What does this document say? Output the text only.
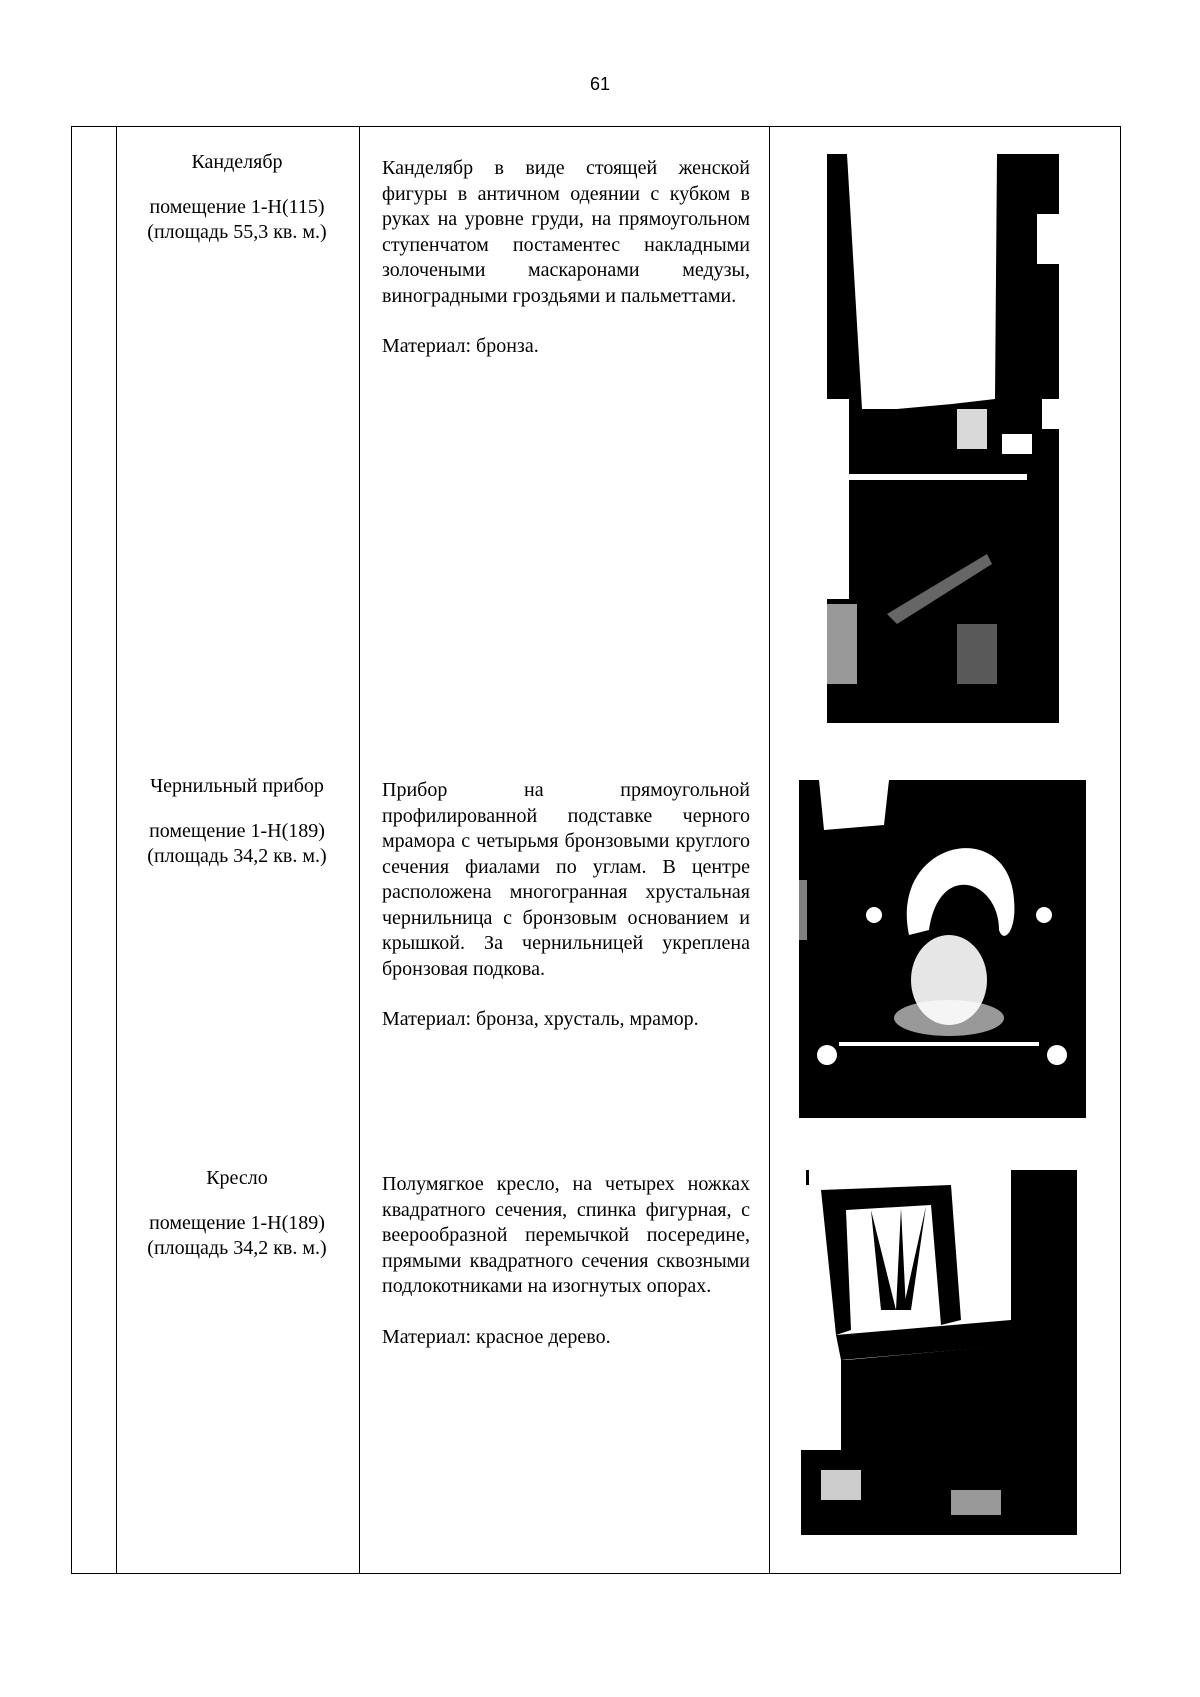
61
Канделябр
помещение 1-Н(115)
(площадь 55,3 кв. м.)
Канделябр в виде стоящей женской фигуры в античном одеянии с кубком в руках на уровне груди, на прямоугольном ступенчатом постаментес накладными золочеными маскаронами медузы, виноградными гроздьями и пальметтами.
Материал: бронза.
Чернильный прибор
помещение 1-Н(189)
(площадь 34,2 кв. м.)
Прибор на прямоугольной профилированной подставке черного мрамора с четырьмя бронзовыми круглого сечения фиалами по углам. В центре расположена многогранная хрустальная чернильница с бронзовым основанием и крышкой. За чернильницей укреплена бронзовая подкова.
Материал: бронза, хрусталь, мрамор.
Кресло
помещение 1-Н(189)
(площадь 34,2 кв. м.)
Полумягкое кресло, на четырех ножках квадратного сечения, спинка фигурная, с веерообразной перемычкой посередине, прямыми квадратного сечения сквозными подлокотниками на изогнутых опорах.
Материал: красное дерево.
